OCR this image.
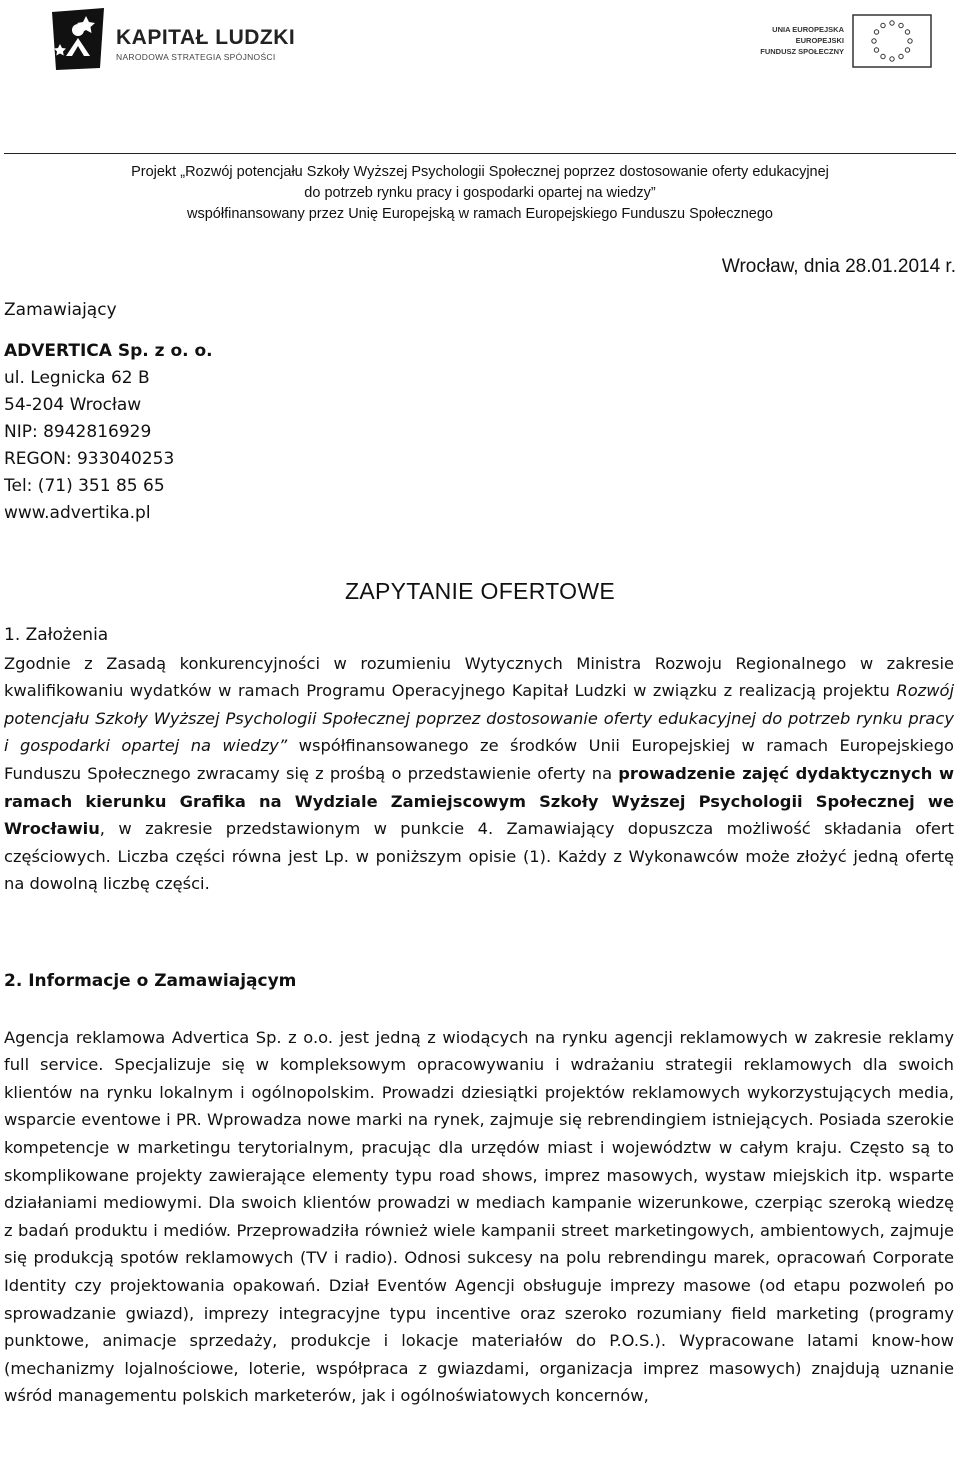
KAPITAŁ LUDZKI
NARODOWA STRATEGIA SPÓJNOŚCI
UNIA EUROPEJSKA
EUROPEJSKI
FUNDUSZ SPOŁECZNY
Projekt „Rozwój potencjału Szkoły Wyższej Psychologii Społecznej poprzez dostosowanie oferty edukacyjnej
do potrzeb rynku pracy i gospodarki opartej na wiedzy”
współfinansowany przez Unię Europejską w ramach Europejskiego Funduszu Społecznego
Wrocław, dnia 28.01.2014 r.
Zamawiający
ADVERTICA Sp. z o. o.
ul. Legnicka 62 B
54-204 Wrocław
NIP: 8942816929
REGON: 933040253
Tel: (71) 351 85 65
www.advertika.pl
ZAPYTANIE OFERTOWE

1. Założenia

Zgodnie z Zasadą konkurencyjności w rozumieniu Wytycznych Ministra Rozwoju Regionalnego w zakresie kwalifikowaniu wydatków w ramach Programu Operacyjnego Kapitał Ludzki w związku z realizacją projektu Rozwój potencjału Szkoły Wyższej Psychologii Społecznej poprzez dostosowanie oferty edukacyjnej do potrzeb rynku pracy i gospodarki opartej na wiedzy” współfinansowanego ze środków Unii Europejskiej w ramach Europejskiego Funduszu Społecznego zwracamy się z prośbą o przedstawienie oferty na prowadzenie zajęć dydaktycznych w ramach kierunku Grafika na Wydziale Zamiejscowym Szkoły Wyższej Psychologii Społecznej we Wrocławiu, w zakresie przedstawionym w punkcie 4. Zamawiający dopuszcza możliwość składania ofert częściowych. Liczba części równa jest Lp. w poniższym opisie (1). Każdy z Wykonawców może złożyć jedną ofertę na dowolną liczbę części.

2. Informacje o Zamawiającym

Agencja reklamowa Advertica Sp. z o.o. jest jedną z wiodących na rynku agencji reklamowych w zakresie reklamy full service. Specjalizuje się w kompleksowym opracowywaniu i wdrażaniu strategii reklamowych dla swoich klientów na rynku lokalnym i ogólnopolskim. Prowadzi dziesiątki projektów reklamowych wykorzystujących media, wsparcie eventowe i PR. Wprowadza nowe marki na rynek, zajmuje się rebrendingiem istniejących. Posiada szerokie kompetencje w marketingu terytorialnym, pracując dla urzędów miast i województw w całym kraju. Często są to skomplikowane projekty zawierające elementy typu road shows, imprez masowych, wystaw miejskich itp. wsparte działaniami mediowymi. Dla swoich klientów prowadzi w mediach kampanie wizerunkowe, czerpiąc szeroką wiedzę z badań produktu i mediów. Przeprowadziła również wiele kampanii street marketingowych, ambientowych, zajmuje się produkcją spotów reklamowych (TV i radio). Odnosi sukcesy na polu rebrendingu marek, opracowań Corporate Identity czy projektowania opakowań. Dział Eventów Agencji obsługuje imprezy masowe (od etapu pozwoleń po sprowadzanie gwiazd), imprezy integracyjne typu incentive oraz szeroko rozumiany field marketing (programy punktowe, animacje sprzedaży, produkcje i lokacje materiałów do P.O.S.). Wypracowane latami know-how (mechanizmy lojalnościowe, loterie, współpraca z gwiazdami, organizacja imprez masowych) znajdują uznanie wśród managementu polskich marketerów, jak i ogólnoświatowych koncernów,
